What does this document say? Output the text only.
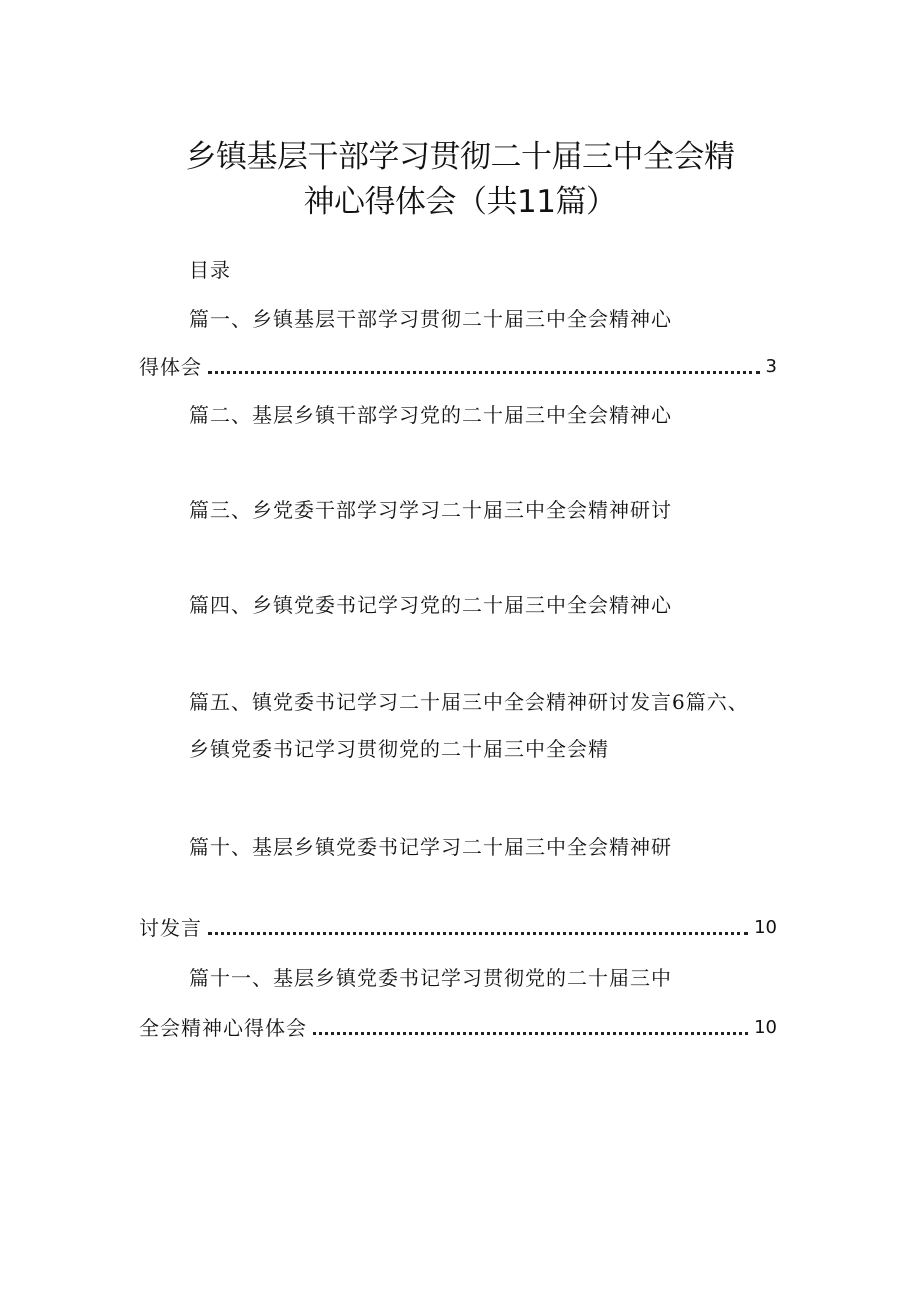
乡镇基层干部学习贯彻二十届三中全会精
神心得体会（共11篇）
目录
篇一、乡镇基层干部学习贯彻二十届三中全会精神心
得体会	3
篇二、基层乡镇干部学习党的二十届三中全会精神心
篇三、乡党委干部学习学习二十届三中全会精神研讨
篇四、乡镇党委书记学习党的二十届三中全会精神心
篇五、镇党委书记学习二十届三中全会精神研讨发言6篇六、
乡镇党委书记学习贯彻党的二十届三中全会精
篇十、基层乡镇党委书记学习二十届三中全会精神研
讨发言	10
篇十一、基层乡镇党委书记学习贯彻党的二十届三中
全会精神心得体会	10
